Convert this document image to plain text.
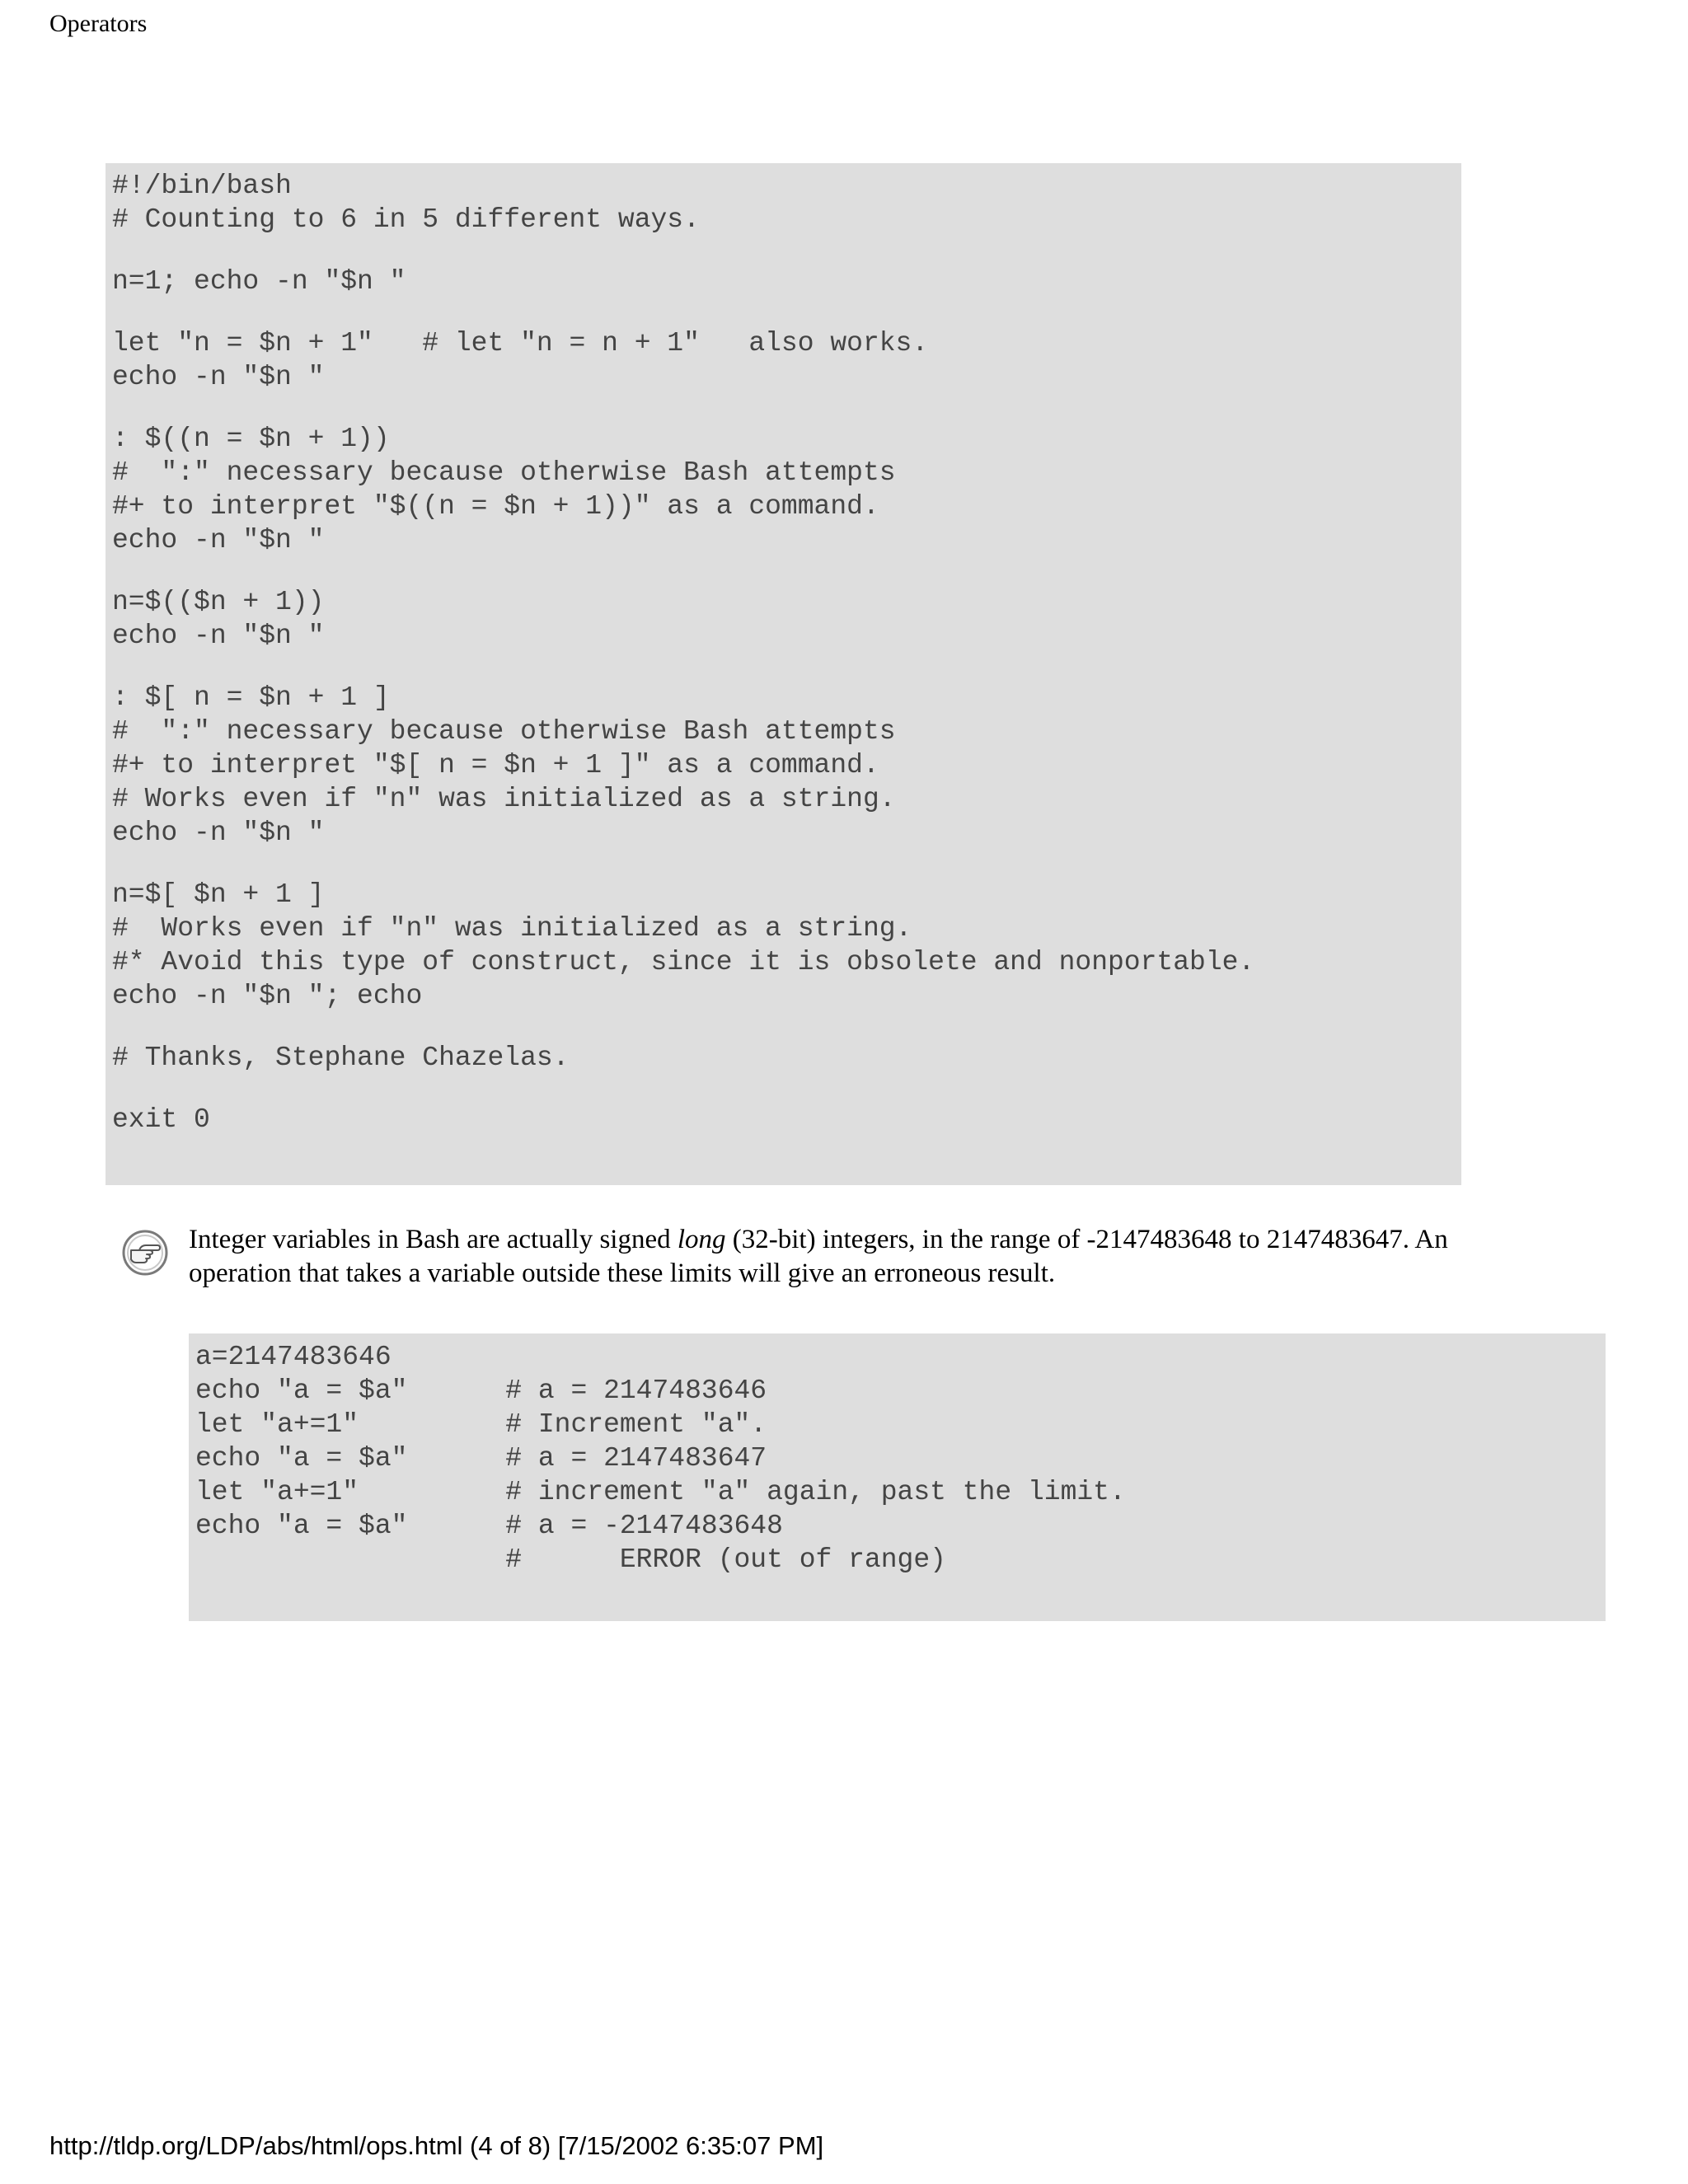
Operators
#!/bin/bash
# Counting to 6 in 5 different ways.
n=1; echo -n "$n "
let "n = $n + 1"   # let "n = n + 1"   also works.
echo -n "$n "
: $((n = $n + 1))
#  ":" necessary because otherwise Bash attempts
#+ to interpret "$((n = $n + 1))" as a command.
echo -n "$n "
n=$(($n + 1))
echo -n "$n "
: $[ n = $n + 1 ]
#  ":" necessary because otherwise Bash attempts
#+ to interpret "$[ n = $n + 1 ]" as a command.
# Works even if "n" was initialized as a string.
echo -n "$n "
n=$[ $n + 1 ]
#  Works even if "n" was initialized as a string.
#* Avoid this type of construct, since it is obsolete and nonportable.
echo -n "$n "; echo
# Thanks, Stephane Chazelas.
exit 0
Integer variables in Bash are actually signed long (32-bit) integers, in the range of -2147483648 to 2147483647. An operation that takes a variable outside these limits will give an erroneous result.
a=2147483646
echo "a = $a"      # a = 2147483646
let "a+=1"         # Increment "a".
echo "a = $a"      # a = 2147483647
let "a+=1"         # increment "a" again, past the limit.
echo "a = $a"      # a = -2147483648
#      ERROR (out of range)
http://tldp.org/LDP/abs/html/ops.html (4 of 8) [7/15/2002 6:35:07 PM]
